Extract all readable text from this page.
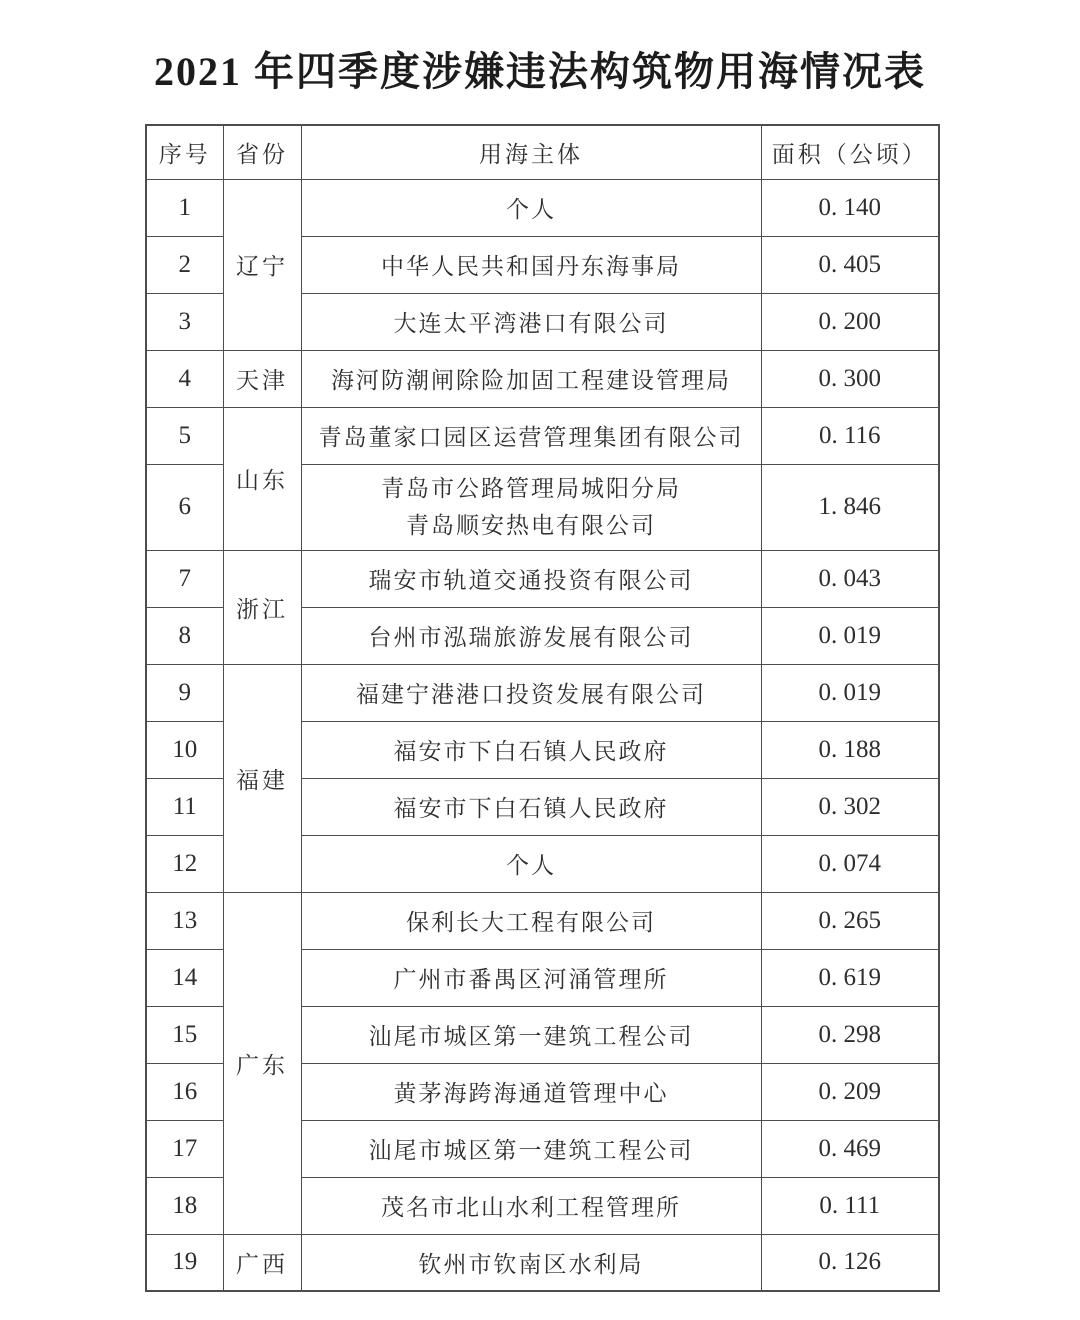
2021 年四季度涉嫌违法构筑物用海情况表
序号	省份	用海主体	面积（公顷）
1	辽宁	个人	0. 140
2		中华人民共和国丹东海事局	0. 405
3		大连太平湾港口有限公司	0. 200
4	天津	海河防潮闸除险加固工程建设管理局	0. 300
5	山东	青岛董家口园区运营管理集团有限公司	0. 116
6		青岛市公路管理局城阳分局
青岛顺安热电有限公司	1. 846
7	浙江	瑞安市轨道交通投资有限公司	0. 043
8		台州市泓瑞旅游发展有限公司	0. 019
9	福建	福建宁港港口投资发展有限公司	0. 019
10		福安市下白石镇人民政府	0. 188
11		福安市下白石镇人民政府	0. 302
12		个人	0. 074
13	广东	保利长大工程有限公司	0. 265
14		广州市番禺区河涌管理所	0. 619
15		汕尾市城区第一建筑工程公司	0. 298
16		黄茅海跨海通道管理中心	0. 209
17		汕尾市城区第一建筑工程公司	0. 469
18		茂名市北山水利工程管理所	0. 111
19	广西	钦州市钦南区水利局	0. 126
